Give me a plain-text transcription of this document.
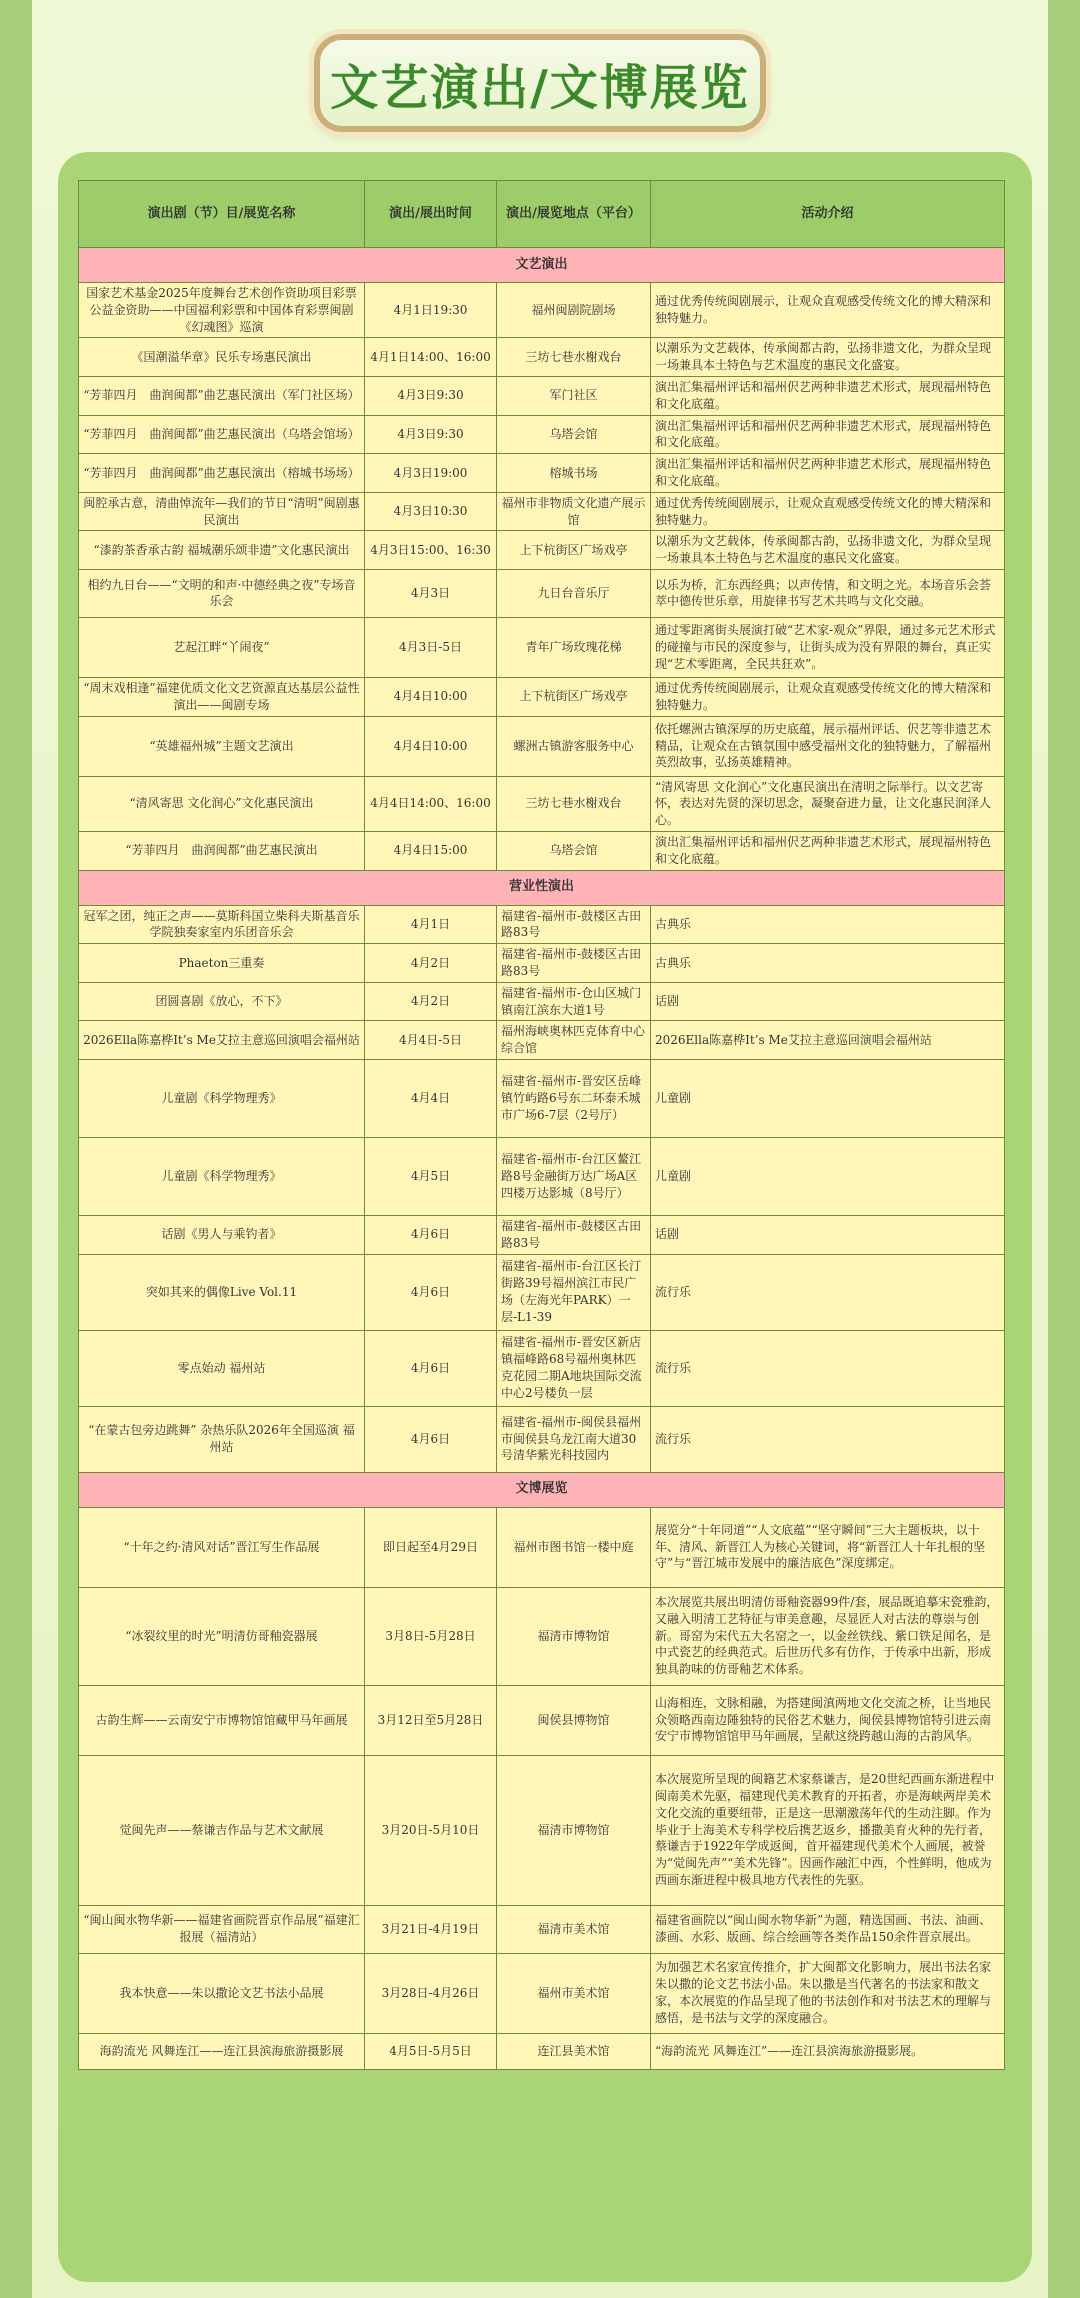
文艺演出/文博展览
演出剧（节）目/展览名称	演出/展出时间	演出/展览地点（平台）	活动介绍
文艺演出			
国家艺术基金2025年度舞台艺术创作资助项目彩票公益金资助——中国福利彩票和中国体育彩票闽剧《幻魂图》巡演	4月1日19:30	福州闽剧院剧场	通过优秀传统闽剧展示，让观众直观感受传统文化的博大精深和独特魅力。
《国潮溢华章》民乐专场惠民演出	4月1日14:00、16:00	三坊七巷水榭戏台	以潮乐为文艺载体，传承闽都古韵，弘扬非遗文化，为群众呈现一场兼具本土特色与艺术温度的惠民文化盛宴。
“芳菲四月　曲润闽都”曲艺惠民演出（军门社区场）	4月3日9:30	军门社区	演出汇集福州评话和福州伬艺两种非遗艺术形式，展现福州特色和文化底蕴。
“芳菲四月　曲润闽都”曲艺惠民演出（乌塔会馆场）	4月3日9:30	乌塔会馆	演出汇集福州评话和福州伬艺两种非遗艺术形式，展现福州特色和文化底蕴。
“芳菲四月　曲润闽都”曲艺惠民演出（榕城书场场）	4月3日19:00	榕城书场	演出汇集福州评话和福州伬艺两种非遗艺术形式，展现福州特色和文化底蕴。
闽腔承古意，清曲悼流年—我们的节日“清明”闽剧惠民演出	4月3日10:30	福州市非物质文化遗产展示馆	通过优秀传统闽剧展示，让观众直观感受传统文化的博大精深和独特魅力。
“漆韵茶香承古韵 福城潮乐颂非遗”文化惠民演出	4月3日15:00、16:30	上下杭街区广场戏亭	以潮乐为文艺载体，传承闽都古韵，弘扬非遗文化，为群众呈现一场兼具本土特色与艺术温度的惠民文化盛宴。
相约九日台——“文明的和声·中德经典之夜”专场音乐会	4月3日	九日台音乐厅	以乐为桥，汇东西经典；以声传情，和文明之光。本场音乐会荟萃中德传世乐章，用旋律书写艺术共鸣与文化交融。
艺起江畔“丫闹夜”	4月3日-5日	青年广场玫瑰花梯	通过零距离街头展演打破“艺术家-观众”界限，通过多元艺术形式的碰撞与市民的深度参与，让街头成为没有界限的舞台，真正实现“艺术零距离，全民共狂欢”。
“周末戏相逢”福建优质文化文艺资源直达基层公益性演出——闽剧专场	4月4日10:00	上下杭街区广场戏亭	通过优秀传统闽剧展示，让观众直观感受传统文化的博大精深和独特魅力。
“英雄福州城”主题文艺演出	4月4日10:00	螺洲古镇游客服务中心	依托螺洲古镇深厚的历史底蕴，展示福州评话、伬艺等非遗艺术精品，让观众在古镇氛围中感受福州文化的独特魅力，了解福州英烈故事，弘扬英雄精神。
“清风寄思 文化润心”文化惠民演出	4月4日14:00、16:00	三坊七巷水榭戏台	“清风寄思 文化润心”文化惠民演出在清明之际举行。以文艺寄怀，表达对先贤的深切思念，凝聚奋进力量，让文化惠民润泽人心。
“芳菲四月　曲润闽都”曲艺惠民演出	4月4日15:00	乌塔会馆	演出汇集福州评话和福州伬艺两种非遗艺术形式，展现福州特色和文化底蕴。
营业性演出			
冠军之团，纯正之声——莫斯科国立柴科夫斯基音乐学院独奏家室内乐团音乐会	4月1日	福建省-福州市-鼓楼区古田路83号	古典乐
Phaeton三重奏	4月2日	福建省-福州市-鼓楼区古田路83号	古典乐
团圆喜剧《放心，不下》	4月2日	福建省-福州市-仓山区城门镇南江滨东大道1号	话剧
2026Ella陈嘉桦It’s Me艾拉主意巡回演唱会福州站	4月4日-5日	福州海峡奥林匹克体育中心综合馆	2026Ella陈嘉桦It’s Me艾拉主意巡回演唱会福州站
儿童剧《科学物理秀》	4月4日	福建省-福州市-晋安区岳峰镇竹屿路6号东二环泰禾城市广场6-7层（2号厅）	儿童剧
儿童剧《科学物理秀》	4月5日	福建省-福州市-台江区鳌江路8号金融街万达广场A区四楼万达影城（8号厅）	儿童剧
话剧《男人与乘钓者》	4月6日	福建省-福州市-鼓楼区古田路83号	话剧
突如其来的偶像Live Vol.11	4月6日	福建省-福州市-台江区长汀街路39号福州滨江市民广场（左海光年PARK）一层-L1-39	流行乐
零点始动 福州站	4月6日	福建省-福州市-晋安区新店镇福峰路68号福州奥林匹克花园二期A地块国际交流中心2号楼负一层	流行乐
“在蒙古包旁边跳舞” 杂热乐队2026年全国巡演 福州站	4月6日	福建省-福州市-闽侯县福州市闽侯县乌龙江南大道30号清华紫光科技园内	流行乐
文博展览			
“十年之约·清风对话”晋江写生作品展	即日起至4月29日	福州市图书馆一楼中庭	展览分“十年同道”“人文底蕴”“坚守瞬间”三大主题板块，以十年、清风、新晋江人为核心关键词，将“新晋江人十年扎根的坚守”与“晋江城市发展中的廉洁底色”深度绑定。
“冰裂纹里的时光”明清仿哥釉瓷器展	3月8日-5月28日	福清市博物馆	本次展览共展出明清仿哥釉瓷器99件/套，展品既追摹宋瓷雅韵，又融入明清工艺特征与审美意趣，尽显匠人对古法的尊崇与创新。哥窑为宋代五大名窑之一，以金丝铁线、紫口铁足闻名，是中式瓷艺的经典范式。后世历代多有仿作，于传承中出新，形成独具韵味的仿哥釉艺术体系。
古韵生辉——云南安宁市博物馆馆藏甲马年画展	3月12日至5月28日	闽侯县博物馆	山海相连，文脉相融，为搭建闽滇两地文化交流之桥，让当地民众领略西南边陲独特的民俗艺术魅力，闽侯县博物馆特引进云南安宁市博物馆馆甲马年画展，呈献这绕跨越山海的古韵风华。
觉闽先声——蔡谦吉作品与艺术文献展	3月20日-5月10日	福清市博物馆	本次展览所呈现的闽籍艺术家蔡谦吉，是20世纪西画东渐进程中闽南美术先驱，福建现代美术教育的开拓者，亦是海峡两岸美术文化交流的重要纽带，正是这一思潮激荡年代的生动注脚。作为毕业于上海美术专科学校后携艺返乡，播撒美育火种的先行者，蔡谦吉于1922年学成返闽，首开福建现代美术个人画展，被誉为“觉闽先声”“美术先锋”。因画作融汇中西，个性鲜明，他成为西画东渐进程中极具地方代表性的先驱。
“闽山闽水物华新——福建省画院晋京作品展”福建汇报展（福清站）	3月21日-4月19日	福清市美术馆	福建省画院以“闽山闽水物华新”为题，精选国画、书法、油画、漆画、水彩、版画、综合绘画等各类作品150余件晋京展出。
我本快意——朱以撒论文艺书法小品展	3月28日-4月26日	福州市美术馆	为加强艺术名家宣传推介，扩大闽都文化影响力，展出书法名家朱以撒的论文艺书法小品。朱以撒是当代著名的书法家和散文家，本次展览的作品呈现了他的书法创作和对书法艺术的理解与感悟，是书法与文学的深度融合。
海韵流光 风舞连江——连江县滨海旅游摄影展	4月5日-5月5日	连江县美术馆	“海韵流光 风舞连江”——连江县滨海旅游摄影展。
